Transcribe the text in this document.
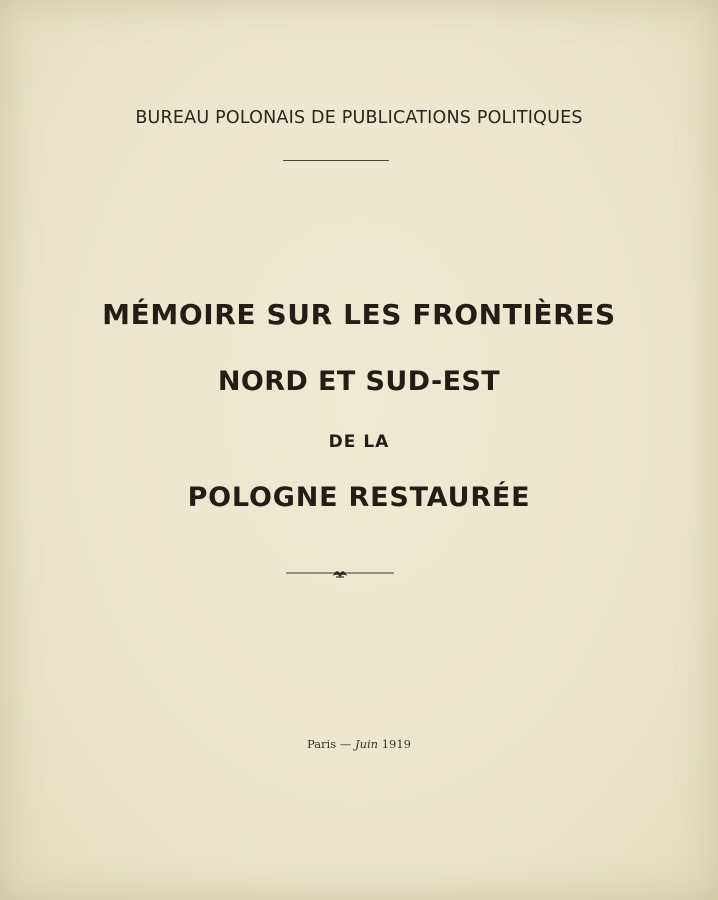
BUREAU POLONAIS DE PUBLICATIONS POLITIQUES
MÉMOIRE SUR LES FRONTIÈRES
NORD ET SUD-EST
DE LA
POLOGNE RESTAURÉE
Paris — Juin 1919
